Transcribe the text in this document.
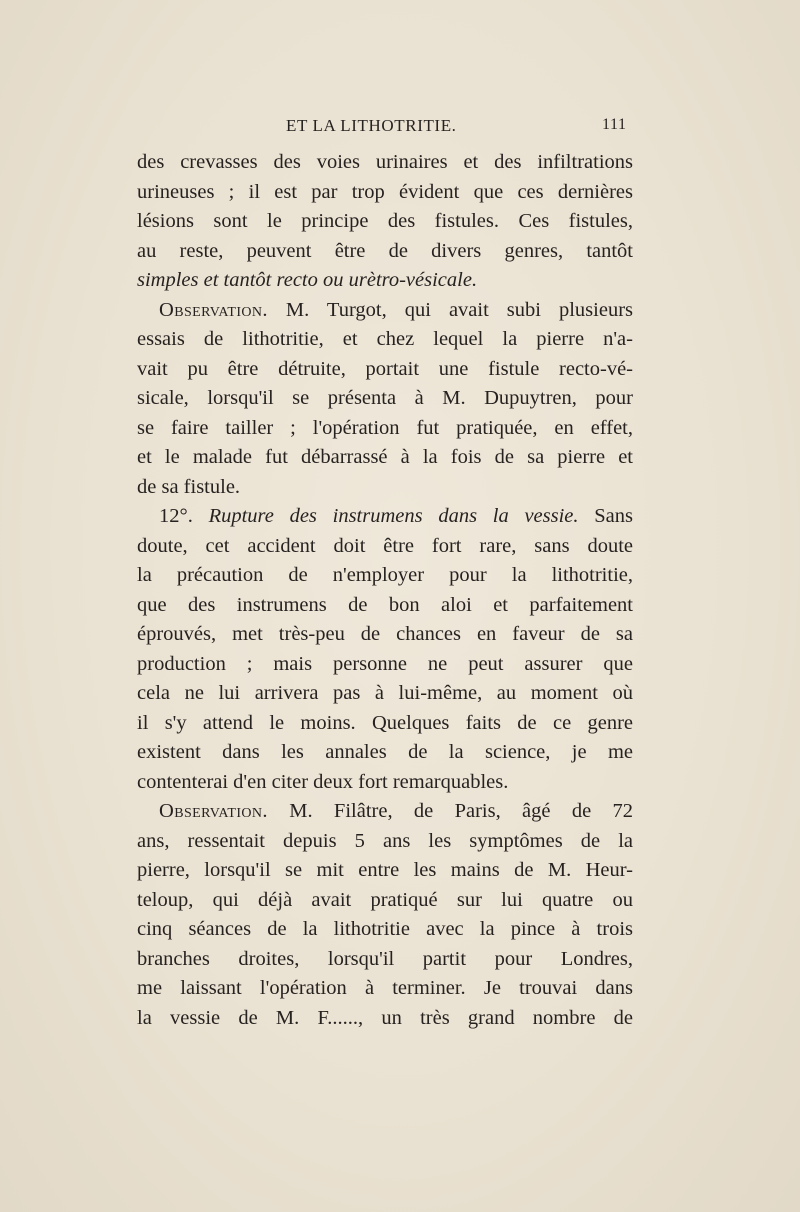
ET LA LITHOTRITIE.	111
des crevasses des voies urinaires et des infiltrations
urineuses ; il est par trop évident que ces dernières
lésions sont le principe des fistules. Ces fistules,
au reste, peuvent être de divers genres, tantôt
simples et tantôt recto ou urètro-vésicale.
Observation. M. Turgot, qui avait subi plusieurs
essais de lithotritie, et chez lequel la pierre n'a-
vait pu être détruite, portait une fistule recto-vé-
sicale, lorsqu'il se présenta à M. Dupuytren, pour
se faire tailler ; l'opération fut pratiquée, en effet,
et le malade fut débarrassé à la fois de sa pierre et
de sa fistule.
12°. Rupture des instrumens dans la vessie. Sans
doute, cet accident doit être fort rare, sans doute
la précaution de n'employer pour la lithotritie,
que des instrumens de bon aloi et parfaitement
éprouvés, met très-peu de chances en faveur de sa
production ; mais personne ne peut assurer que
cela ne lui arrivera pas à lui-même, au moment où
il s'y attend le moins. Quelques faits de ce genre
existent dans les annales de la science, je me
contenterai d'en citer deux fort remarquables.
Observation. M. Filâtre, de Paris, âgé de 72
ans, ressentait depuis 5 ans les symptômes de la
pierre, lorsqu'il se mit entre les mains de M. Heur-
teloup, qui déjà avait pratiqué sur lui quatre ou
cinq séances de la lithotritie avec la pince à trois
branches droites, lorsqu'il partit pour Londres,
me laissant l'opération à terminer. Je trouvai dans
la vessie de M. F......, un très grand nombre de
